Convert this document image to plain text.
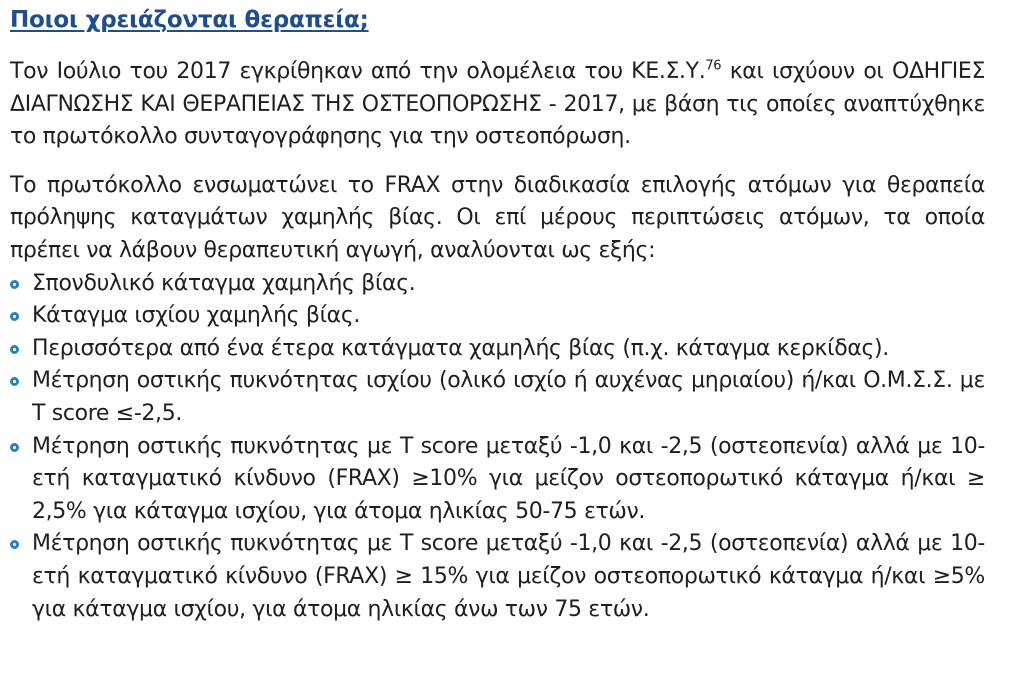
Ποιοι χρειάζονται θεραπεία;

Τον Ιούλιο του 2017 εγκρίθηκαν από την ολομέλεια του ΚΕ.Σ.Υ.$^{76}$ και ισχύουν οι ΟΔΗΓΙΕΣ ΔΙΑΓΝΩΣΗΣ ΚΑΙ ΘΕΡΑΠΕΙΑΣ ΤΗΣ ΟΣΤΕΟΠΟΡΩΣΗΣ - 2017, με βάση τις οποίες αναπτύχθηκε το πρωτόκολλο συνταγογράφησης για την οστεοπόρωση.

Το πρωτόκολλο ενσωματώνει το FRAX στην διαδικασία επιλογής ατόμων για θεραπεία πρόληψης καταγμάτων χαμηλής βίας. Οι επί μέρους περιπτώσεις ατόμων, τα οποία πρέπει να λάβουν θεραπευτική αγωγή, αναλύονται ως εξής:

Σπονδυλικό κάταγμα χαμηλής βίας.
Κάταγμα ισχίου χαμηλής βίας.
Περισσότερα από ένα έτερα κατάγματα χαμηλής βίας (π.χ. κάταγμα κερκίδας).
Μέτρηση οστικής πυκνότητας ισχίου (ολικό ισχίο ή αυχένας μηριαίου) ή/και Ο.Μ.Σ.Σ. με T score ≤-2,5.
Μέτρηση οστικής πυκνότητας με T score μεταξύ -1,0 και -2,5 (οστεοπενία) αλλά με 10-ετή καταγματικό κίνδυνο (FRAX) ≥10% για μείζον οστεοπορωτικό κάταγμα ή/και ≥ 2,5% για κάταγμα ισχίου, για άτομα ηλικίας 50-75 ετών.
Μέτρηση οστικής πυκνότητας με T score μεταξύ -1,0 και -2,5 (οστεοπενία) αλλά με 10-ετή καταγματικό κίνδυνο (FRAX) ≥ 15% για μείζον οστεοπορωτικό κάταγμα ή/και ≥5% για κάταγμα ισχίου, για άτομα ηλικίας άνω των 75 ετών.
